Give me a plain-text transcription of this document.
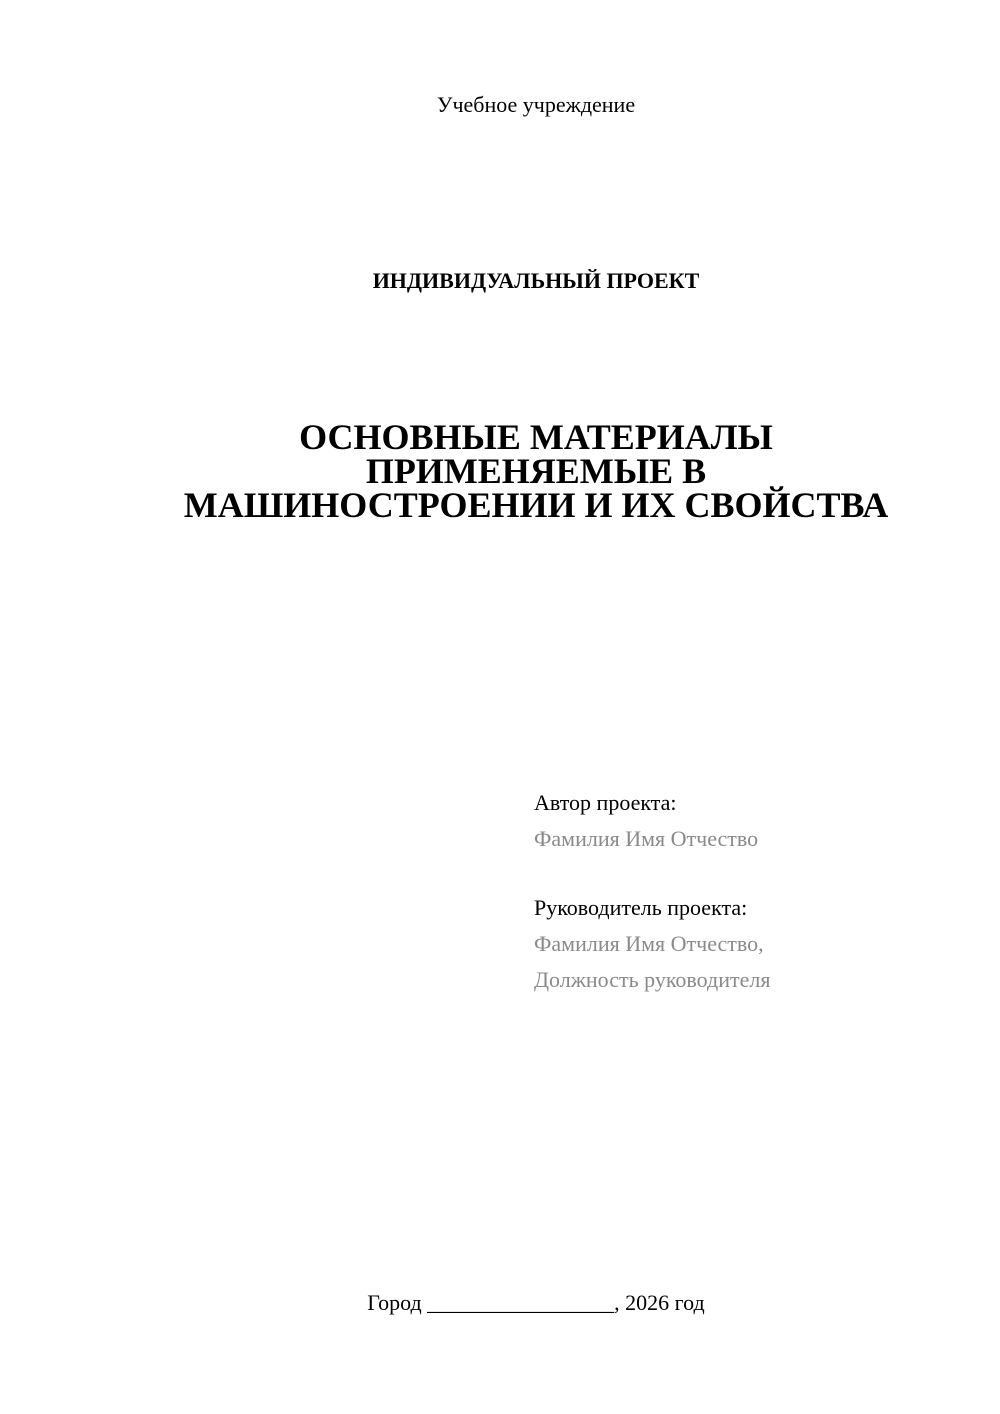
Учебное учреждение
ИНДИВИДУАЛЬНЫЙ ПРОЕКТ
ОСНОВНЫЕ МАТЕРИАЛЫ
ПРИМЕНЯЕМЫЕ В
МАШИНОСТРОЕНИИ И ИХ СВОЙСТВА
Автор проекта:
Фамилия Имя Отчество
Руководитель проекта:
Фамилия Имя Отчество,
Должность руководителя
Город _________________, 2026 год
